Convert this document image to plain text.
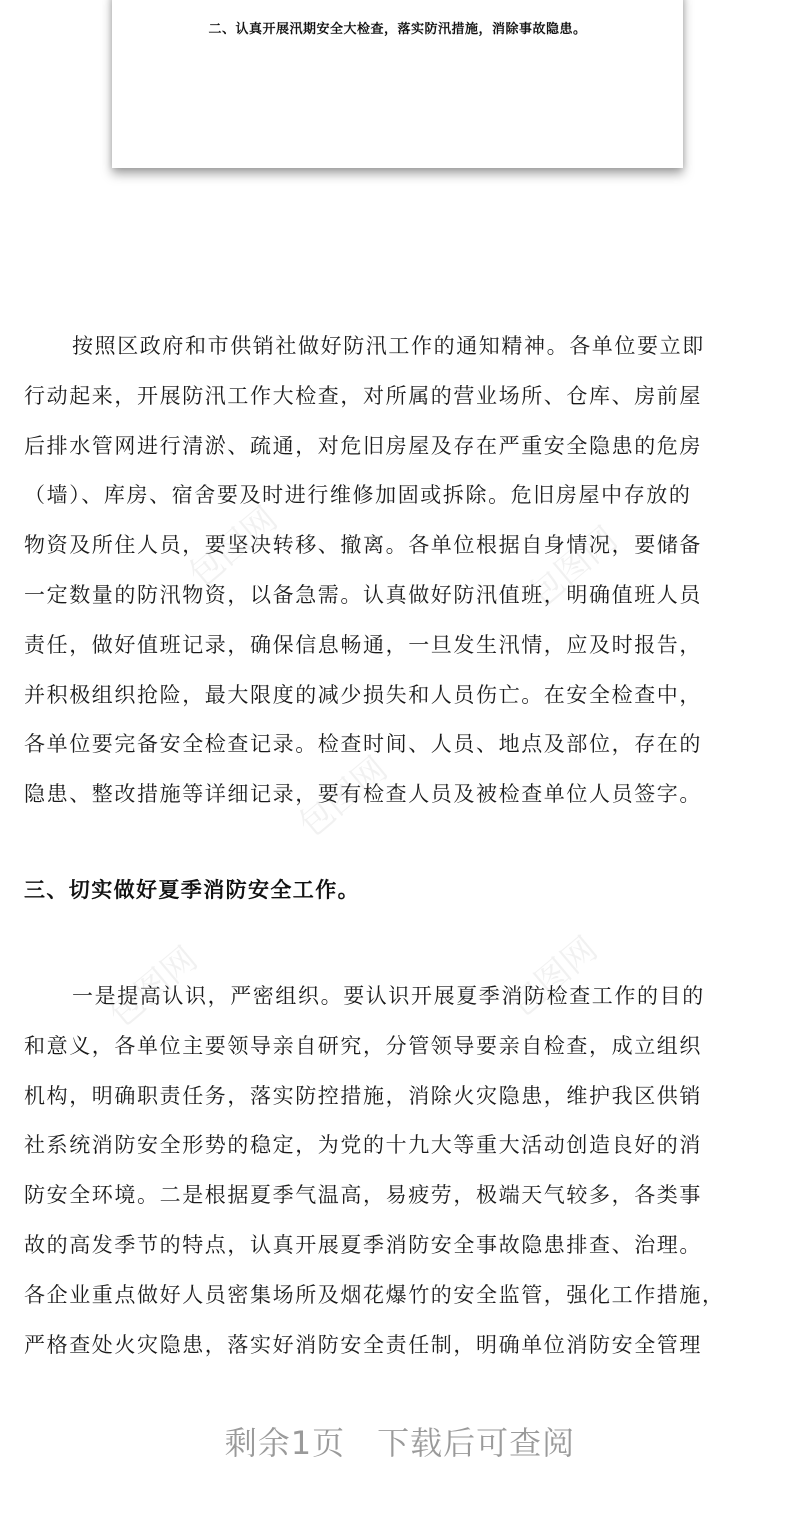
二、认真开展汛期安全大检查，落实防汛措施，消除事故隐患。
包图网	包图网
包图网
包图网	包图网
按照区政府和市供销社做好防汛工作的通知精神。各单位要立即
行动起来，开展防汛工作大检查，对所属的营业场所、仓库、房前屋
后排水管网进行清淤、疏通，对危旧房屋及存在严重安全隐患的危房
（墙）、库房、宿舍要及时进行维修加固或拆除。危旧房屋中存放的
物资及所住人员，要坚决转移、撤离。各单位根据自身情况，要储备
一定数量的防汛物资，以备急需。认真做好防汛值班，明确值班人员
责任，做好值班记录，确保信息畅通，一旦发生汛情，应及时报告，
并积极组织抢险，最大限度的减少损失和人员伤亡。在安全检查中，
各单位要完备安全检查记录。检查时间、人员、地点及部位，存在的
隐患、整改措施等详细记录，要有检查人员及被检查单位人员签字。
三、切实做好夏季消防安全工作。
一是提高认识，严密组织。要认识开展夏季消防检查工作的目的
和意义，各单位主要领导亲自研究，分管领导要亲自检查，成立组织
机构，明确职责任务，落实防控措施，消除火灾隐患，维护我区供销
社系统消防安全形势的稳定，为党的十九大等重大活动创造良好的消
防安全环境。二是根据夏季气温高，易疲劳，极端天气较多，各类事
故的高发季节的特点，认真开展夏季消防安全事故隐患排查、治理。
各企业重点做好人员密集场所及烟花爆竹的安全监管，强化工作措施，
严格查处火灾隐患，落实好消防安全责任制，明确单位消防安全管理
剩余1页 下载后可查阅
